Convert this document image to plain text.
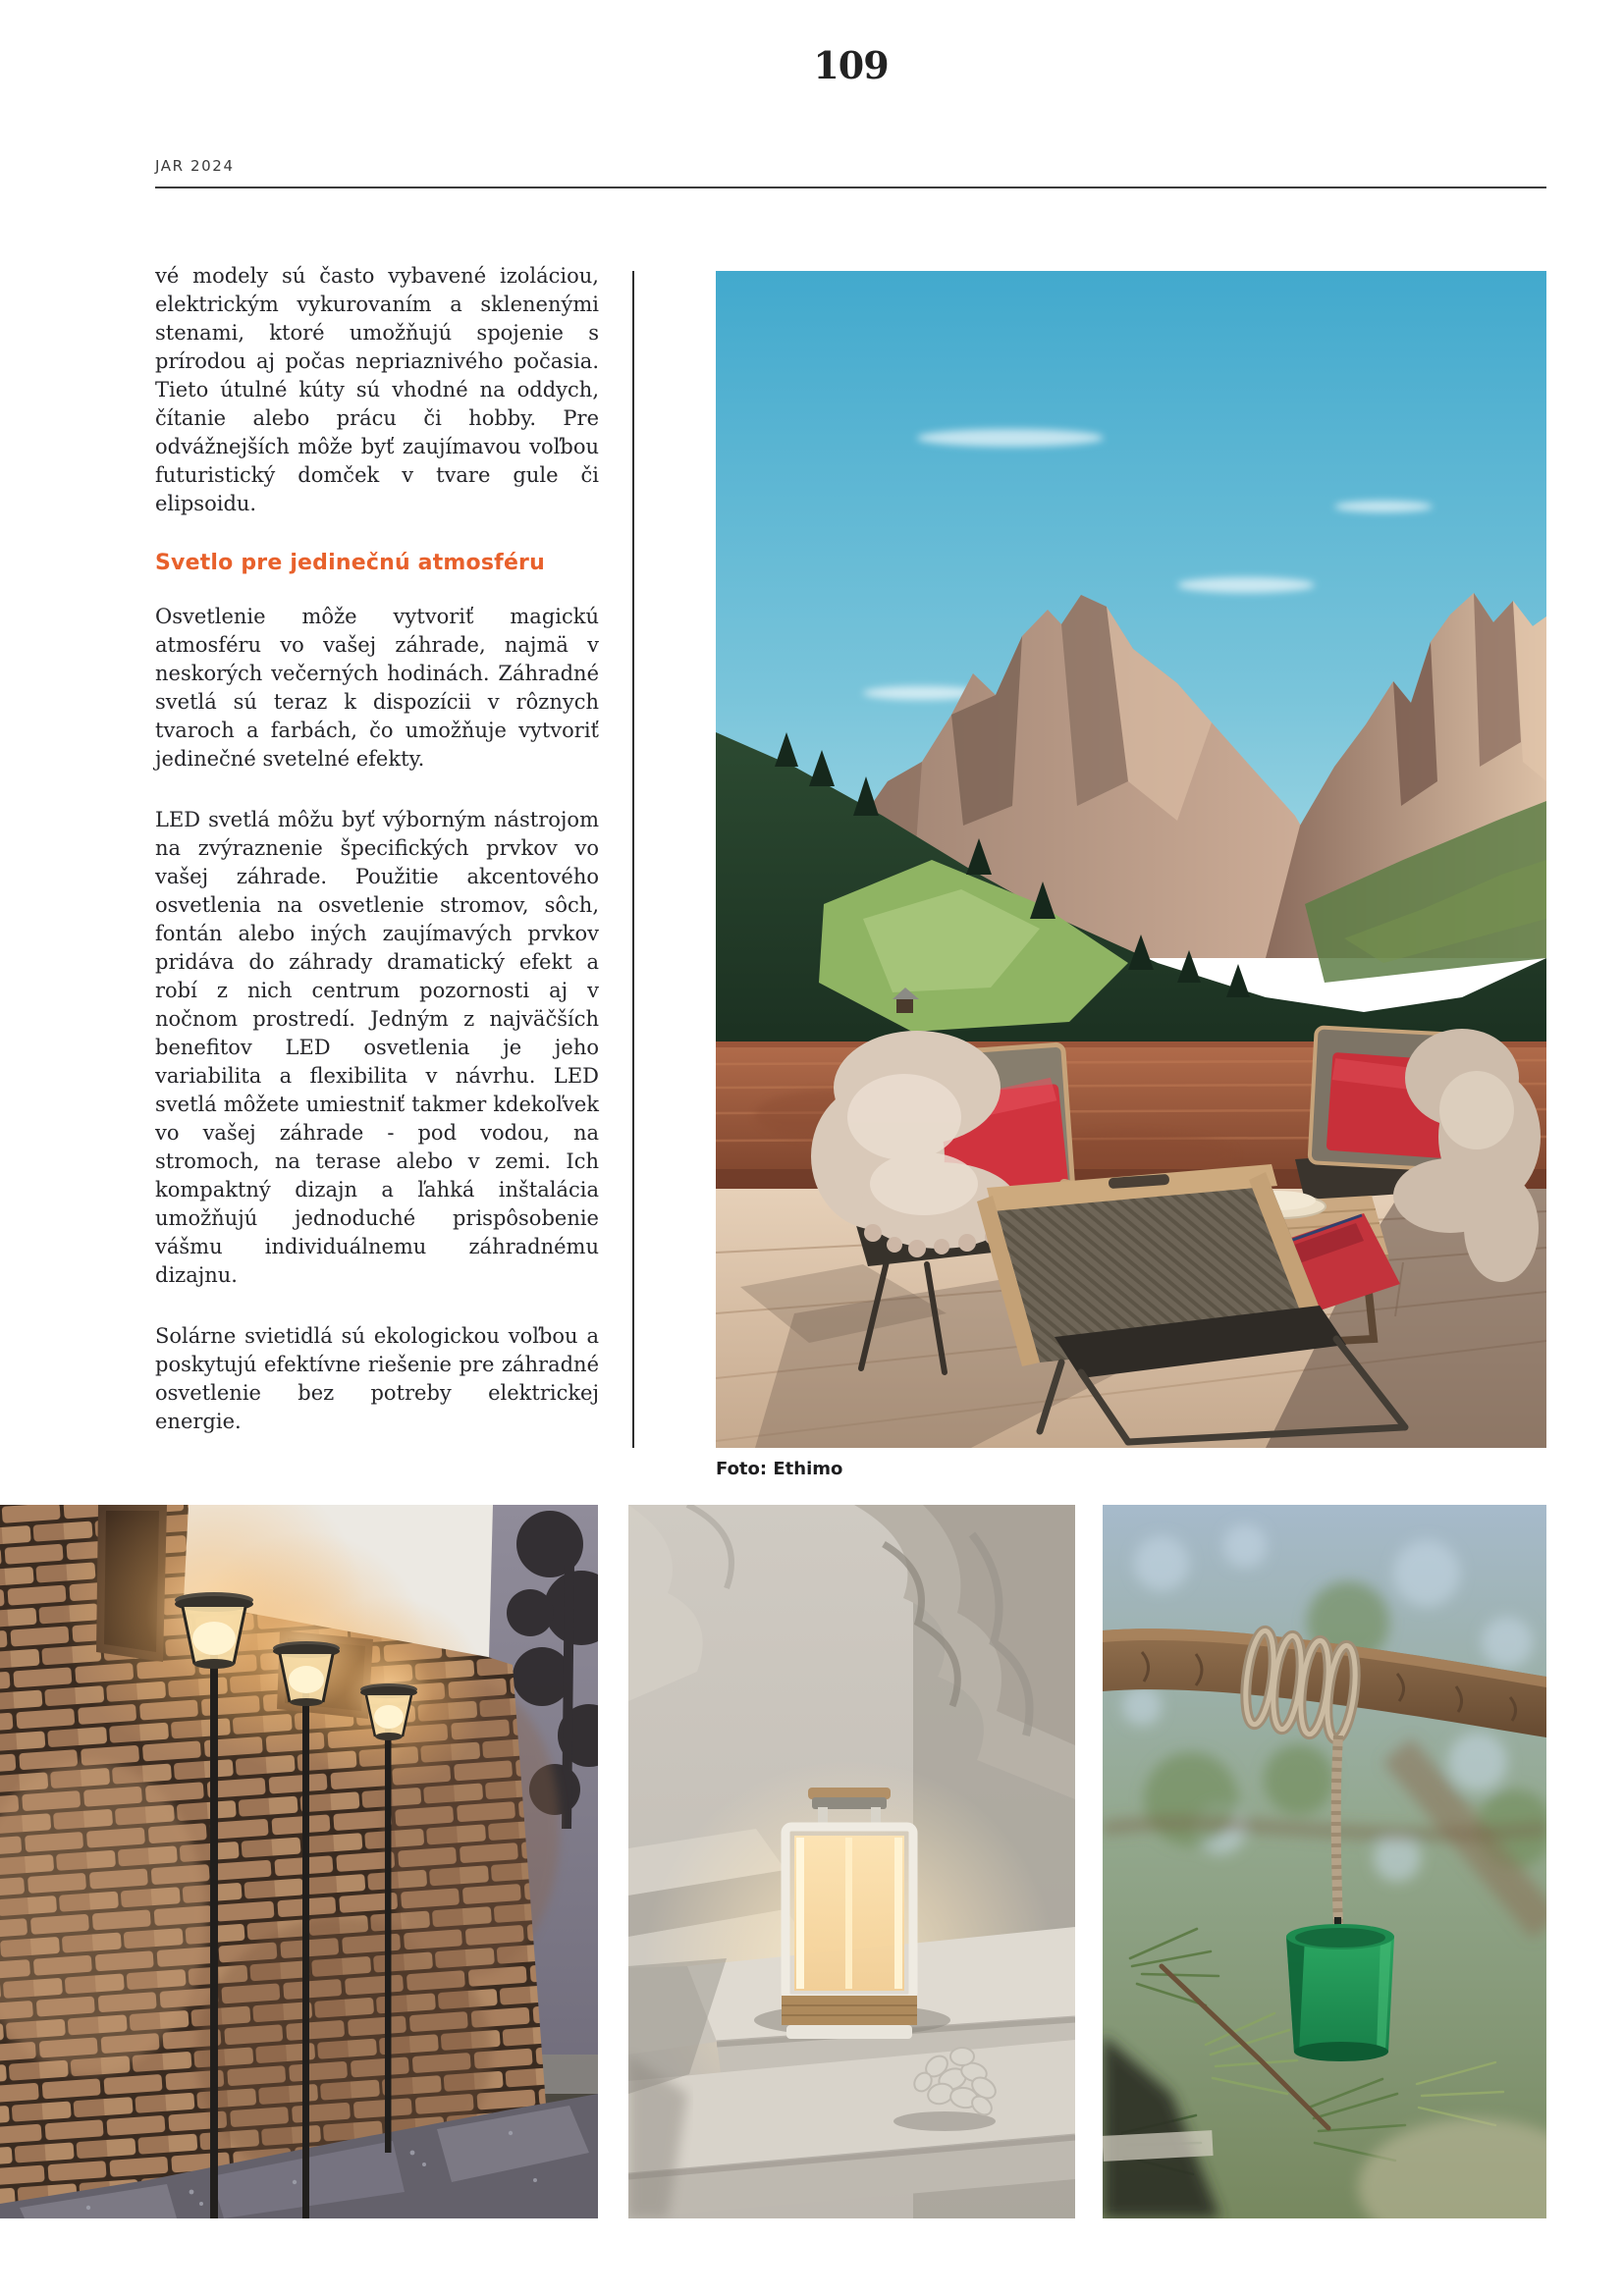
109
JAR 2024

vé modely sú často vybavené izoláciou, elektrickým vykurovaním a sklenenými stenami, ktoré umožňujú spojenie s prírodou aj počas nepriaznivého počasia. Tieto útulné kúty sú vhodné na oddych, čítanie alebo prácu či hobby. Pre odvážnejších môže byť zaujímavou voľbou futuristický domček v tvare gule či elipsoidu.

Svetlo pre jedinečnú atmosféru

Osvetlenie môže vytvoriť magickú atmosféru vo vašej záhrade, najmä v neskorých večerných hodinách. Záhradné svetlá sú teraz k dispozícii v rôznych tvaroch a farbách, čo umožňuje vytvoriť jedinečné svetelné efekty.

LED svetlá môžu byť výborným nástrojom na zvýraznenie špecifických prvkov vo vašej záhrade. Použitie akcentového osvetlenia na osvetlenie stromov, sôch, fontán alebo iných zaujímavých prvkov pridáva do záhrady dramatický efekt a robí z nich centrum pozornosti aj v nočnom prostredí. Jedným z najväčších benefitov LED osvetlenia je jeho variabilita a flexibilita v návrhu. LED svetlá môžete umiestniť takmer kdekoľvek vo vašej záhrade - pod vodou, na stromoch, na terase alebo v zemi. Ich kompaktný dizajn a ľahká inštalácia umožňujú jednoduché prispôsobenie vášmu individuálnemu záhradnému dizajnu.

Solárne svietidlá sú ekologickou voľbou a poskytujú efektívne riešenie pre záhradné osvetlenie bez potreby elektrickej energie.

Foto: Ethimo
